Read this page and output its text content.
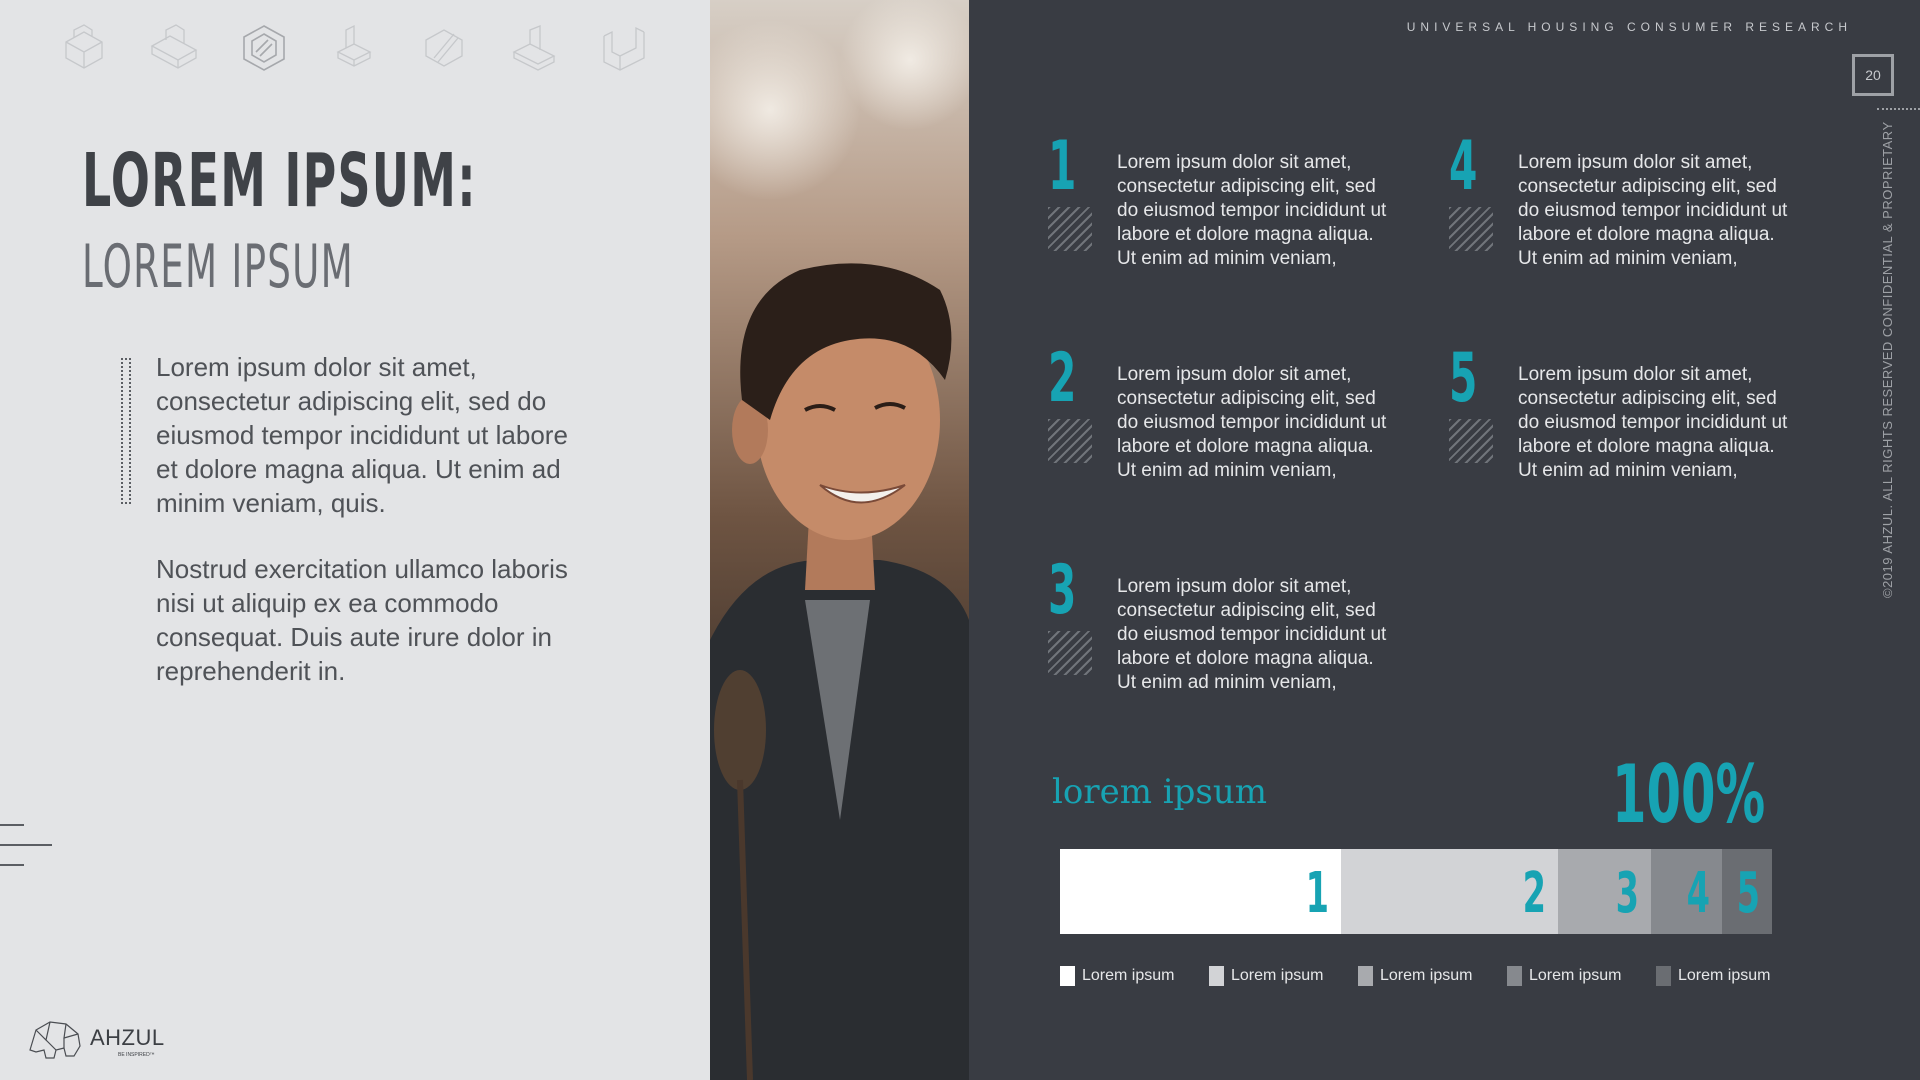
LOREM IPSUM:
LOREM IPSUM
Lorem ipsum dolor sit amet, consectetur adipiscing elit, sed do eiusmod tempor incididunt ut labore et dolore magna aliqua. Ut enim ad minim veniam, quis.
Nostrud exercitation ullamco laboris nisi ut aliquip ex ea commodo consequat. Duis aute irure dolor in reprehenderit in.
AHZUL
BE INSPIRED™
UNIVERSAL HOUSING CONSUMER RESEARCH
20
©2019 AHZUL. ALL RIGHTS RESERVED CONFIDENTIAL & PROPRIETARY
1 Lorem ipsum dolor sit amet, consectetur adipiscing elit, sed do eiusmod tempor incididunt ut labore et dolore magna aliqua. Ut enim ad minim veniam,
2 Lorem ipsum dolor sit amet, consectetur adipiscing elit, sed do eiusmod tempor incididunt ut labore et dolore magna aliqua. Ut enim ad minim veniam,
3 Lorem ipsum dolor sit amet, consectetur adipiscing elit, sed do eiusmod tempor incididunt ut labore et dolore magna aliqua. Ut enim ad minim veniam,
4 Lorem ipsum dolor sit amet, consectetur adipiscing elit, sed do eiusmod tempor incididunt ut labore et dolore magna aliqua. Ut enim ad minim veniam,
5 Lorem ipsum dolor sit amet, consectetur adipiscing elit, sed do eiusmod tempor incididunt ut labore et dolore magna aliqua. Ut enim ad minim veniam,
lorem ipsum	100%
1	2 3 4 5
Lorem ipsum	Lorem ipsum	Lorem ipsum	Lorem ipsum	Lorem ipsum
